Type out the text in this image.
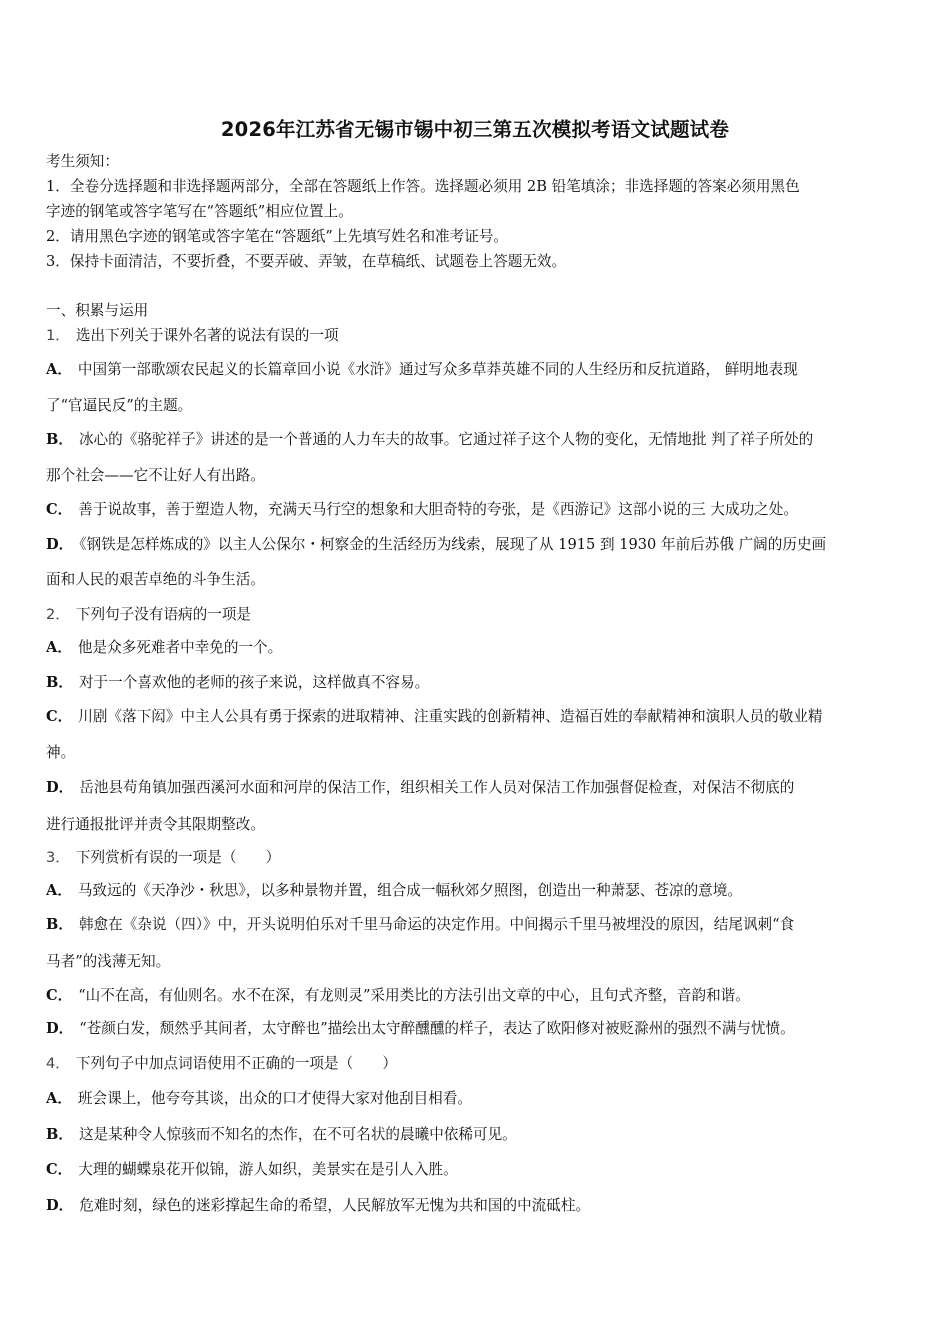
2026年江苏省无锡市锡中初三第五次模拟考语文试题试卷
考生须知：
1．全卷分选择题和非选择题两部分，全部在答题纸上作答。选择题必须用 2B 铅笔填涂；非选择题的答案必须用黑色
字迹的钢笔或答字笔写在“答题纸”相应位置上。
2．请用黑色字迹的钢笔或答字笔在“答题纸”上先填写姓名和准考证号。
3．保持卡面清洁，不要折叠，不要弄破、弄皱，在草稿纸、试题卷上答题无效。
一、积累与运用
1． 选出下列关于课外名著的说法有误的一项
A． 中国第一部歌颂农民起义的长篇章回小说《水浒》通过写众多草莽英雄不同的人生经历和反抗道路， 鲜明地表现
了“官逼民反”的主题。
B． 冰心的《骆驼祥子》讲述的是一个普通的人力车夫的故事。它通过祥子这个人物的变化，无情地批 判了祥子所处的
那个社会——它不让好人有出路。
C． 善于说故事，善于塑造人物，充满天马行空的想象和大胆奇特的夸张，是《西游记》这部小说的三 大成功之处。
D． 《钢铁是怎样炼成的》以主人公保尔・柯察金的生活经历为线索，展现了从 1915 到 1930 年前后苏俄 广阔的历史画
面和人民的艰苦卓绝的斗争生活。
2． 下列句子没有语病的一项是
A． 他是众多死难者中幸免的一个。
B． 对于一个喜欢他的老师的孩子来说，这样做真不容易。
C． 川剧《落下闳》中主人公具有勇于探索的进取精神、注重实践的创新精神、造福百姓的奉献精神和演职人员的敬业精
神。
D． 岳池县苟角镇加强西溪河水面和河岸的保洁工作，组织相关工作人员对保洁工作加强督促检查，对保洁不彻底的
进行通报批评并责令其限期整改。
3． 下列赏析有误的一项是（　　）
A． 马致远的《天净沙・秋思》，以多种景物并置，组合成一幅秋郊夕照图，创造出一种萧瑟、苍凉的意境。
B． 韩愈在《杂说（四）》中，开头说明伯乐对千里马命运的决定作用。中间揭示千里马被埋没的原因，结尾讽刺“食
马者”的浅薄无知。
C． “山不在高，有仙则名。水不在深，有龙则灵”采用类比的方法引出文章的中心，且句式齐整，音韵和谐。
D． “苍颜白发，颓然乎其间者，太守醉也”描绘出太守醉醺醺的样子，表达了欧阳修对被贬滁州的强烈不满与忧愤。
4． 下列句子中加点词语使用不正确的一项是（　　）
A． 班会课上，他夸夸其谈，出众的口才使得大家对他刮目相看。
B． 这是某种令人惊骇而不知名的杰作，在不可名状的晨曦中依稀可见。
C． 大理的蝴蝶泉花开似锦，游人如织，美景实在是引人入胜。
D． 危难时刻，绿色的迷彩撑起生命的希望，人民解放军无愧为共和国的中流砥柱。
